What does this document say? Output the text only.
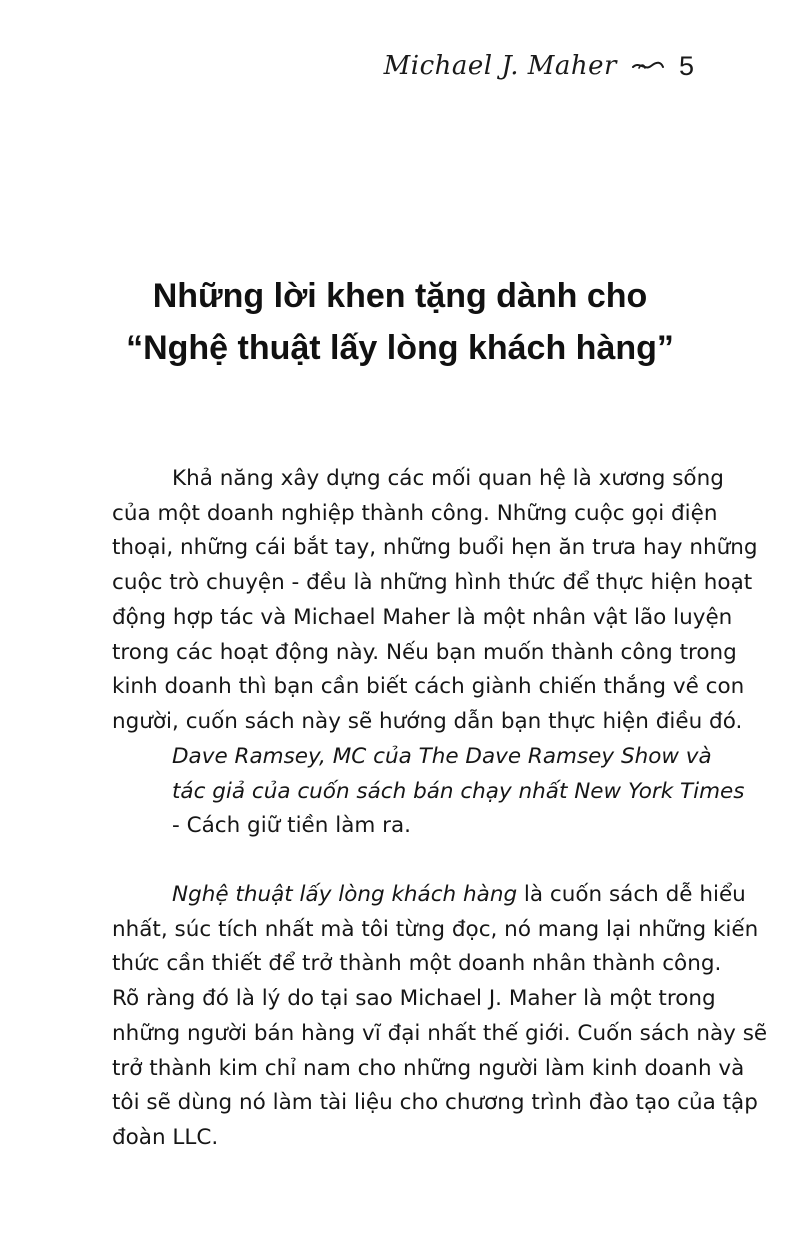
Michael J. Maher 5
Những lời khen tặng dành cho
“Nghệ thuật lấy lòng khách hàng”
Khả năng xây dựng các mối quan hệ là xương sống
của một doanh nghiệp thành công. Những cuộc gọi điện
thoại, những cái bắt tay, những buổi hẹn ăn trưa hay những
cuộc trò chuyện - đều là những hình thức để thực hiện hoạt
động hợp tác và Michael Maher là một nhân vật lão luyện
trong các hoạt động này. Nếu bạn muốn thành công trong
kinh doanh thì bạn cần biết cách giành chiến thắng về con
người, cuốn sách này sẽ hướng dẫn bạn thực hiện điều đó.
Dave Ramsey, MC của The Dave Ramsey Show và
tác giả của cuốn sách bán chạy nhất New York Times
- Cách giữ tiền làm ra.
Nghệ thuật lấy lòng khách hàng là cuốn sách dễ hiểu
nhất, súc tích nhất mà tôi từng đọc, nó mang lại những kiến
thức cần thiết để trở thành một doanh nhân thành công.
Rõ ràng đó là lý do tại sao Michael J. Maher là một trong
những người bán hàng vĩ đại nhất thế giới. Cuốn sách này sẽ
trở thành kim chỉ nam cho những người làm kinh doanh và
tôi sẽ dùng nó làm tài liệu cho chương trình đào tạo của tập
đoàn LLC.
